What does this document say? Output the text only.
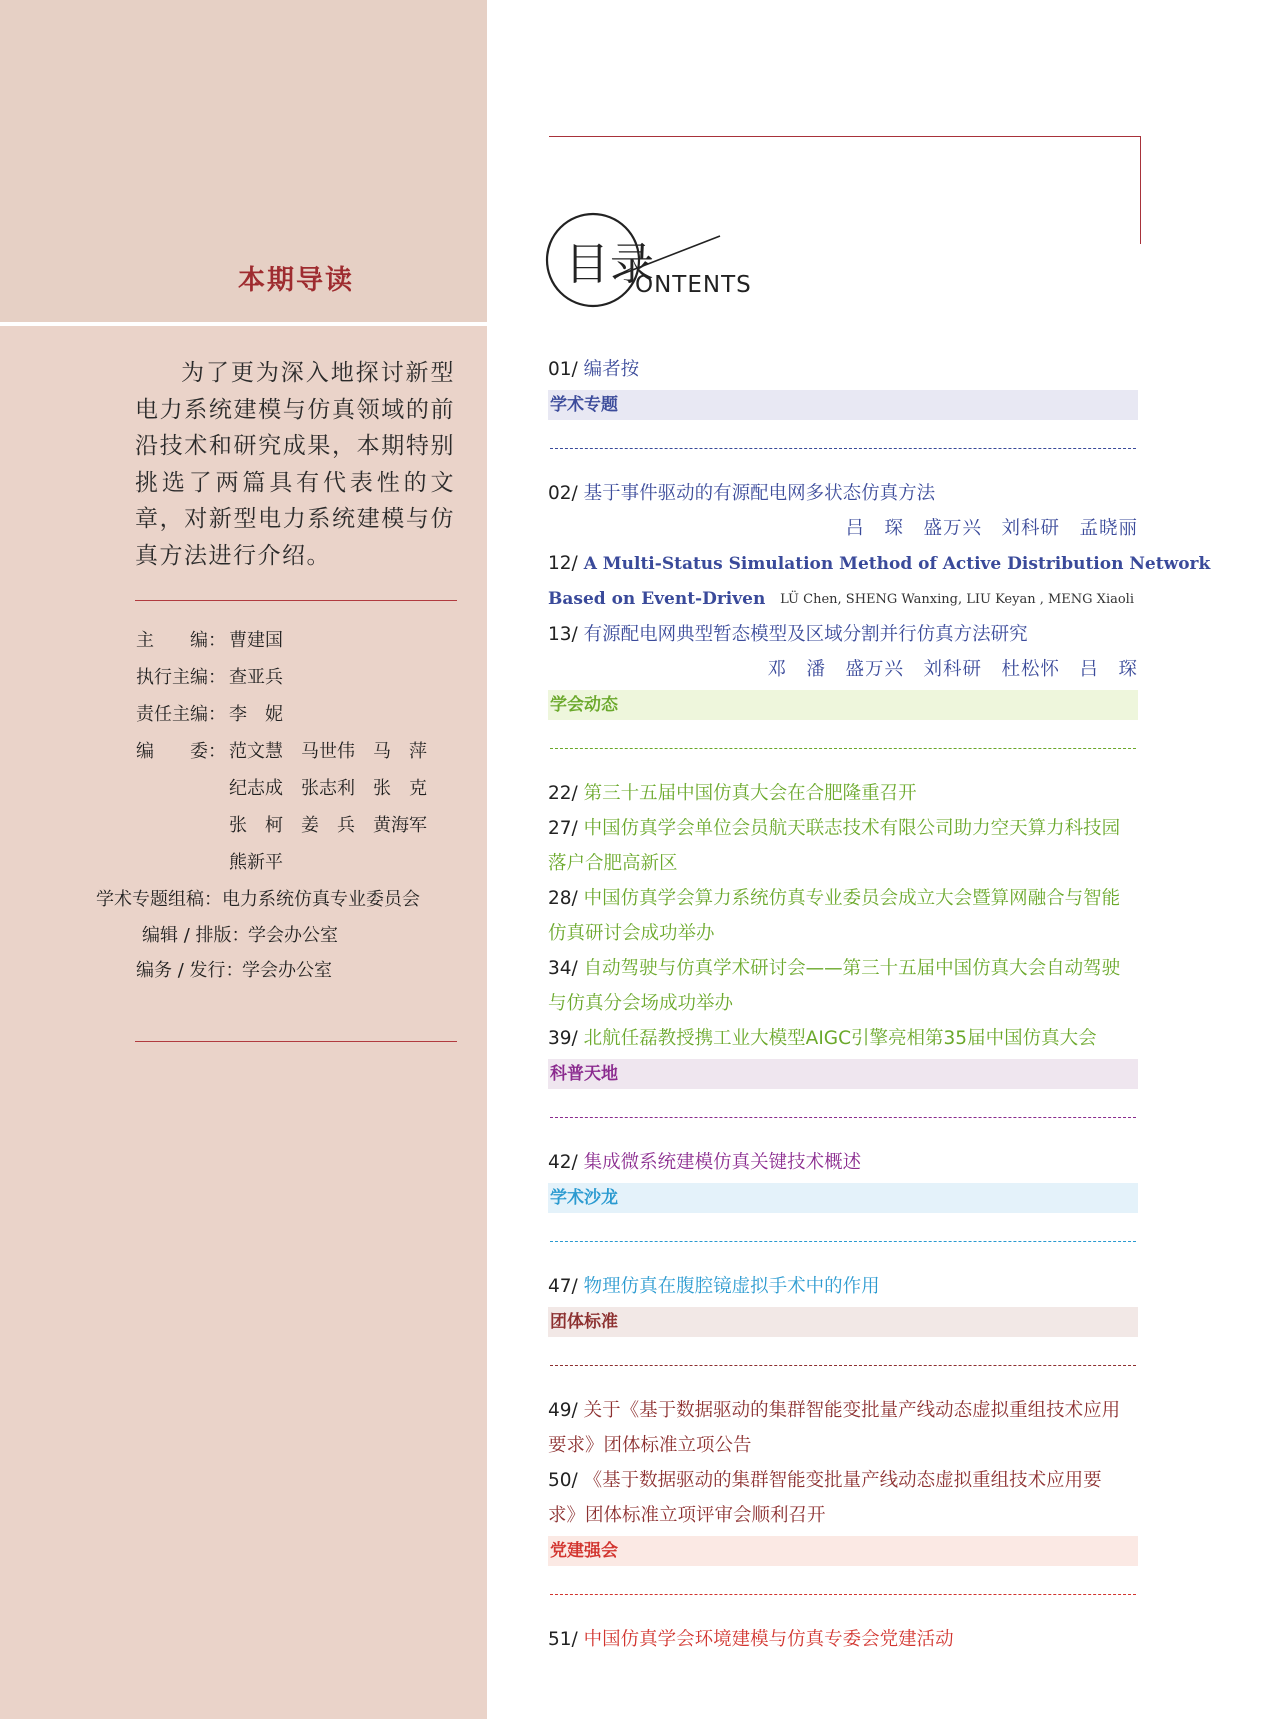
本期导读
为了更为深入地探讨新型电力系统建模与仿真领域的前沿技术和研究成果，本期特别挑选了两篇具有代表性的文章，对新型电力系统建模与仿真方法进行介绍。
主　　编： 曹建国
执行主编： 查亚兵
责任主编： 李　妮
编　　委： 范文慧　马世伟　马　萍
纪志成　张志利　张　克
张　柯　姜　兵　黄海军
熊新平
学术专题组稿： 电力系统仿真专业委员会
编辑 / 排版：
学会办公室
编务 / 发行：
学会办公室
目录
ONTENTS
01/ 编者按
学术专题
02/ 基于事件驱动的有源配电网多状态仿真方法
吕　琛　盛万兴　刘科研　孟晓丽
12/ A Multi-Status Simulation Method of Active Distribution Network
Based on Event-Driven LÜ Chen, SHENG Wanxing, LIU Keyan , MENG Xiaoli
13/ 有源配电网典型暂态模型及区域分割并行仿真方法研究
邓　潘　盛万兴　刘科研　杜松怀　吕　琛
学会动态
22/ 第三十五届中国仿真大会在合肥隆重召开
27/ 中国仿真学会单位会员航天联志技术有限公司助力空天算力科技园
落户合肥高新区
28/ 中国仿真学会算力系统仿真专业委员会成立大会暨算网融合与智能
仿真研讨会成功举办
34/ 自动驾驶与仿真学术研讨会——第三十五届中国仿真大会自动驾驶
与仿真分会场成功举办
39/ 北航任磊教授携工业大模型AIGC引擎亮相第35届中国仿真大会
科普天地
42/ 集成微系统建模仿真关键技术概述
学术沙龙
47/ 物理仿真在腹腔镜虚拟手术中的作用
团体标准
49/ 关于《基于数据驱动的集群智能变批量产线动态虚拟重组技术应用
要求》团体标准立项公告
50/ 《基于数据驱动的集群智能变批量产线动态虚拟重组技术应用要
求》团体标准立项评审会顺利召开
党建强会
51/ 中国仿真学会环境建模与仿真专委会党建活动
